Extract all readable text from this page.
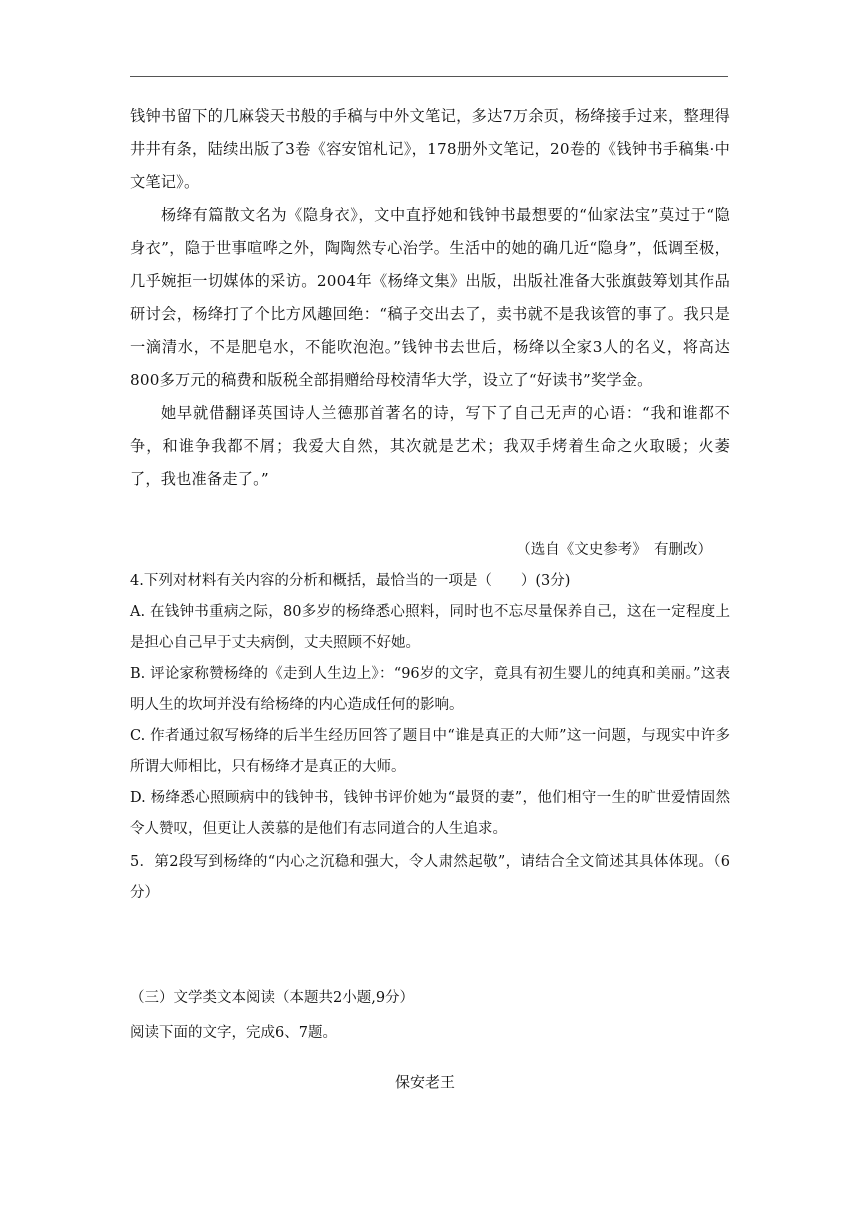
钱钟书留下的几麻袋天书般的手稿与中外文笔记，多达7万余页，杨绛接手过来，整理得井井有条，陆续出版了3卷《容安馆札记》，178册外文笔记，20卷的《钱钟书手稿集·中文笔记》。

杨绛有篇散文名为《隐身衣》，文中直抒她和钱钟书最想要的“仙家法宝”莫过于“隐身衣”，隐于世事喧哗之外，陶陶然专心治学。生活中的她的确几近“隐身”，低调至极，几乎婉拒一切媒体的采访。2004年《杨绛文集》出版，出版社准备大张旗鼓筹划其作品研讨会，杨绛打了个比方风趣回绝：“稿子交出去了，卖书就不是我该管的事了。我只是一滴清水，不是肥皂水，不能吹泡泡。”钱钟书去世后，杨绛以全家3人的名义，将高达800多万元的稿费和版税全部捐赠给母校清华大学，设立了“好读书”奖学金。

她早就借翻译英国诗人兰德那首著名的诗，写下了自己无声的心语：“我和谁都不争，和谁争我都不屑；我爱大自然，其次就是艺术；我双手烤着生命之火取暖；火萎了，我也准备走了。”

（选自《文史参考》　有删改）

4.下列对材料有关内容的分析和概括，最恰当的一项是（　　）(3分)

A. 在钱钟书重病之际，80多岁的杨绛悉心照料，同时也不忘尽量保养自己，这在一定程度上是担心自己早于丈夫病倒，丈夫照顾不好她。

B. 评论家称赞杨绛的《走到人生边上》：“96岁的文字，竟具有初生婴儿的纯真和美丽。”这表明人生的坎坷并没有给杨绛的内心造成任何的影响。

C. 作者通过叙写杨绛的后半生经历回答了题目中“谁是真正的大师”这一问题，与现实中许多所谓大师相比，只有杨绛才是真正的大师。

D. 杨绛悉心照顾病中的钱钟书，钱钟书评价她为“最贤的妻”，他们相守一生的旷世爱情固然令人赞叹，但更让人羡慕的是他们有志同道合的人生追求。

5．第2段写到杨绛的“内心之沉稳和强大，令人肃然起敬”，请结合全文简述其具体体现。（6分）

（三）文学类文本阅读（本题共2小题,9分）

阅读下面的文字，完成6、7题。

保安老王
